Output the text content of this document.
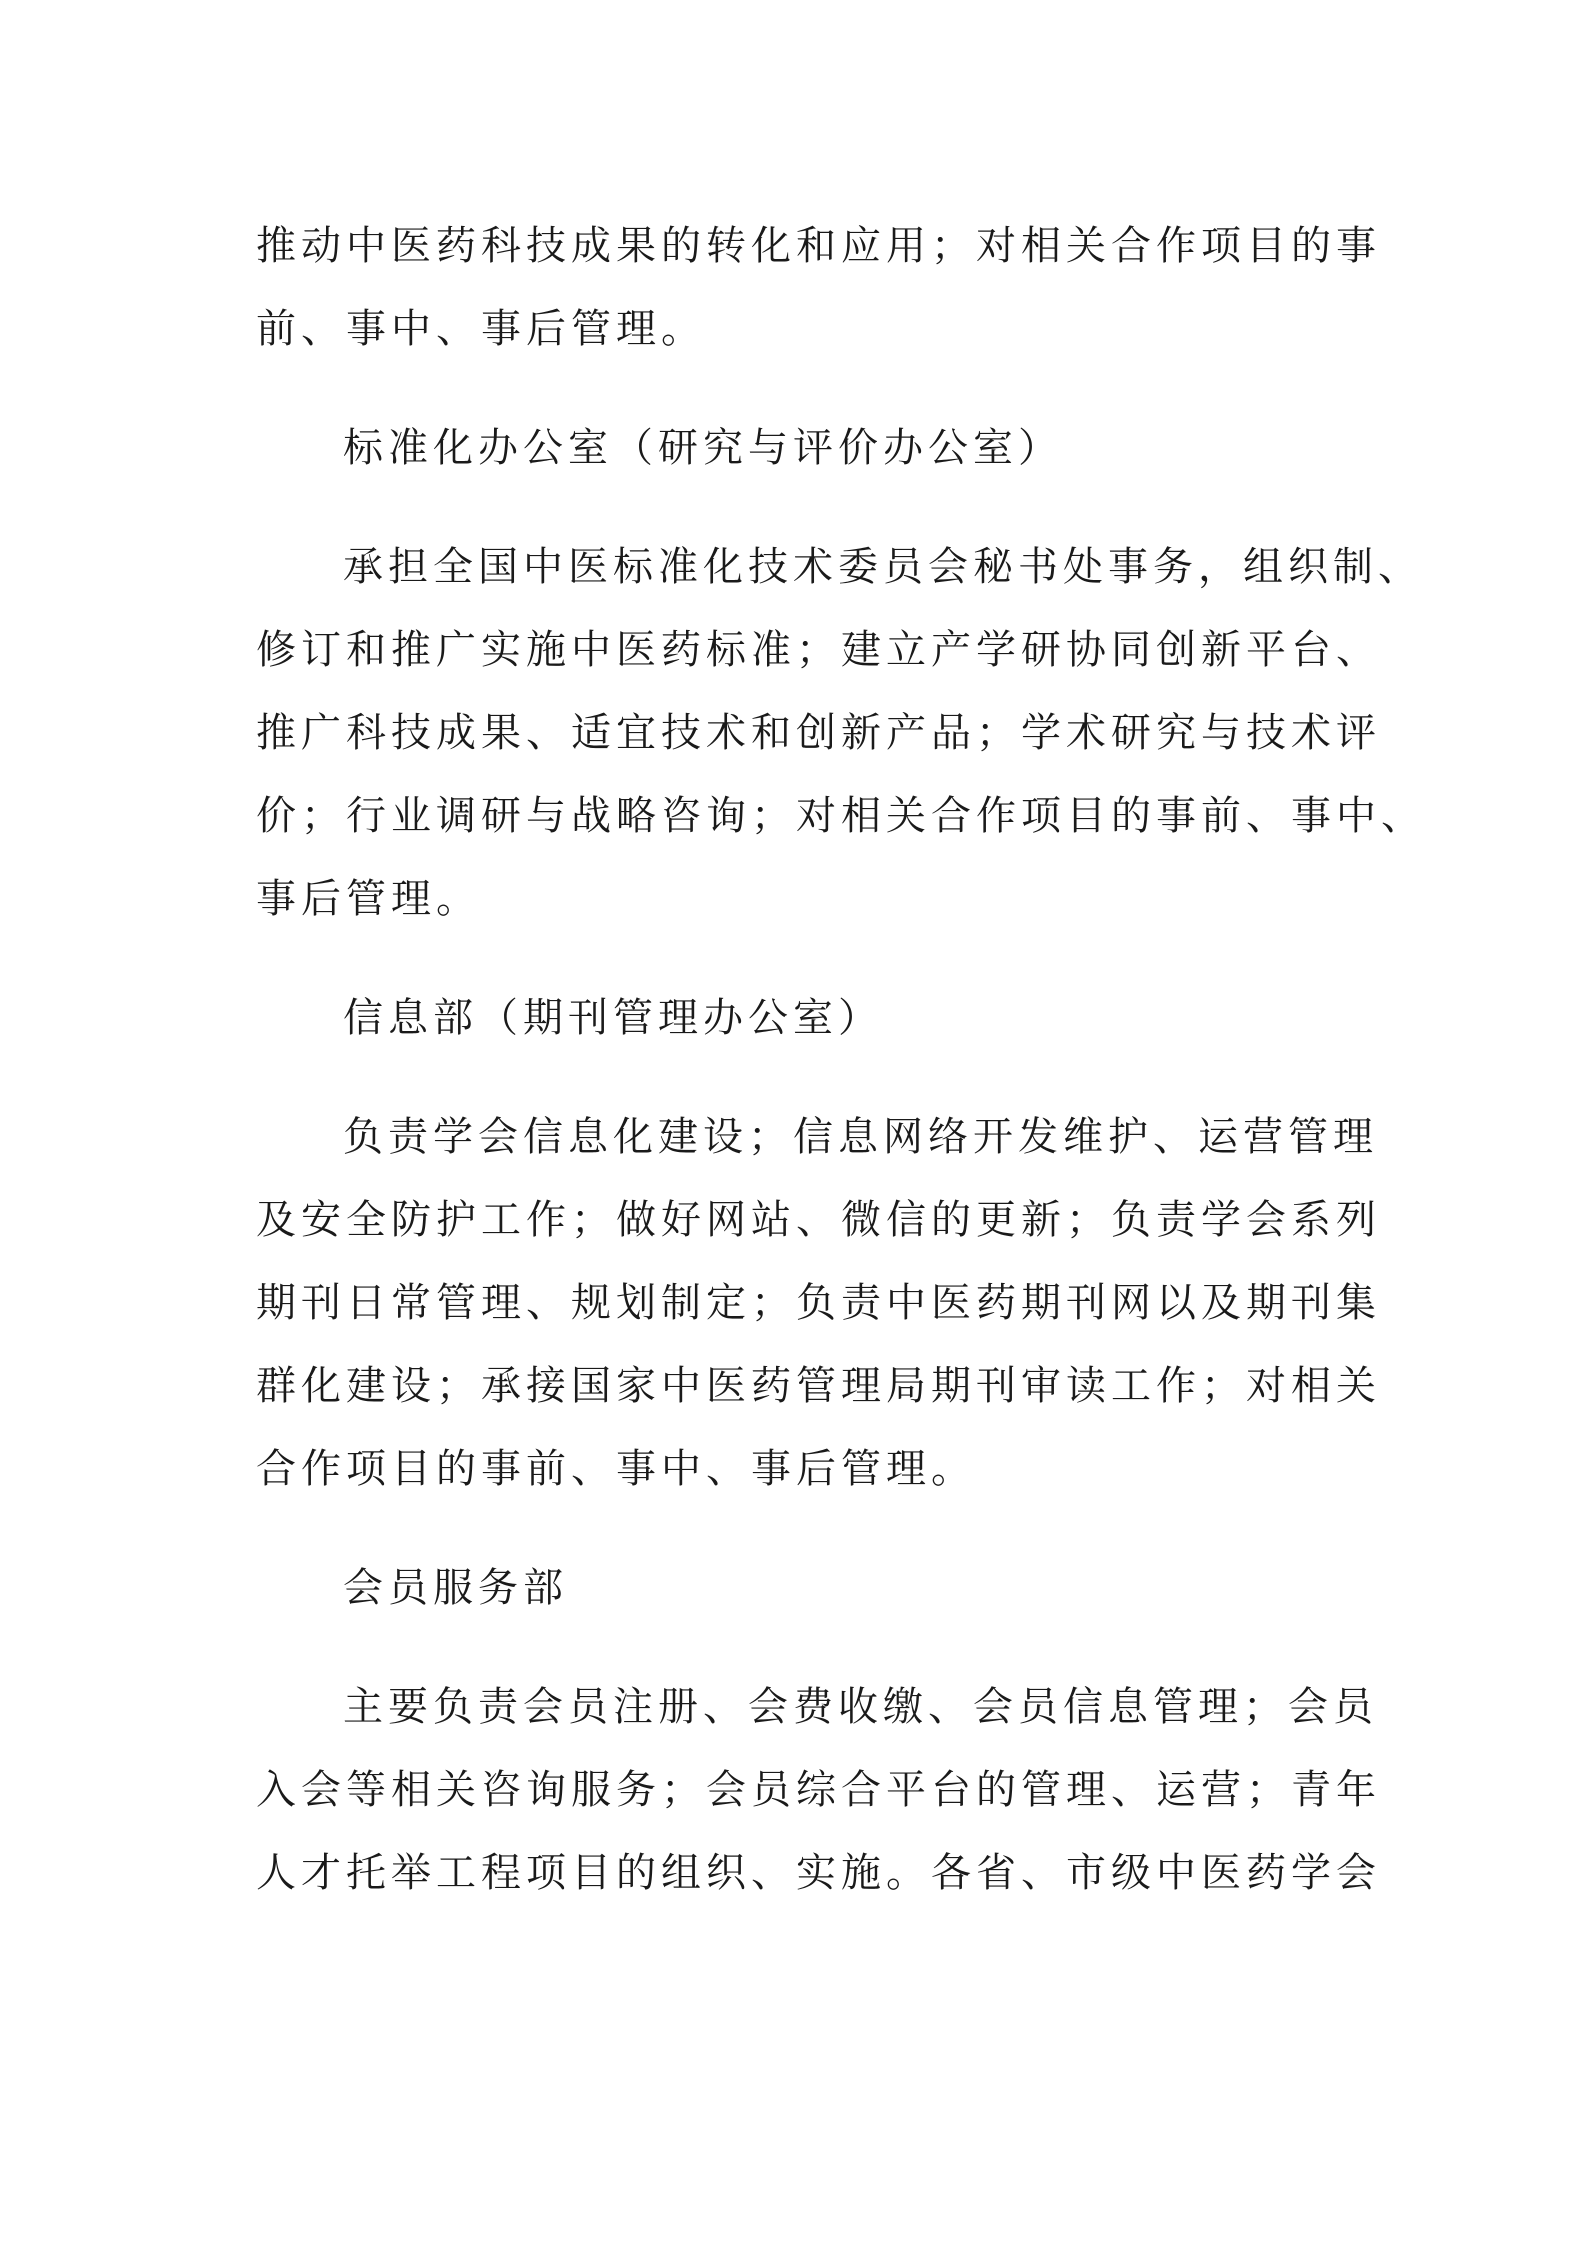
推动中医药科技成果的转化和应用；对相关合作项目的事
前、事中、事后管理。
标准化办公室（研究与评价办公室）
承担全国中医标准化技术委员会秘书处事务，组织制、
修订和推广实施中医药标准；建立产学研协同创新平台、
推广科技成果、适宜技术和创新产品；学术研究与技术评
价；行业调研与战略咨询；对相关合作项目的事前、事中、
事后管理。
信息部（期刊管理办公室）
负责学会信息化建设；信息网络开发维护、运营管理
及安全防护工作；做好网站、微信的更新；负责学会系列
期刊日常管理、规划制定；负责中医药期刊网以及期刊集
群化建设；承接国家中医药管理局期刊审读工作；对相关
合作项目的事前、事中、事后管理。
会员服务部
主要负责会员注册、会费收缴、会员信息管理；会员
入会等相关咨询服务；会员综合平台的管理、运营；青年
人才托举工程项目的组织、实施。各省、市级中医药学会
